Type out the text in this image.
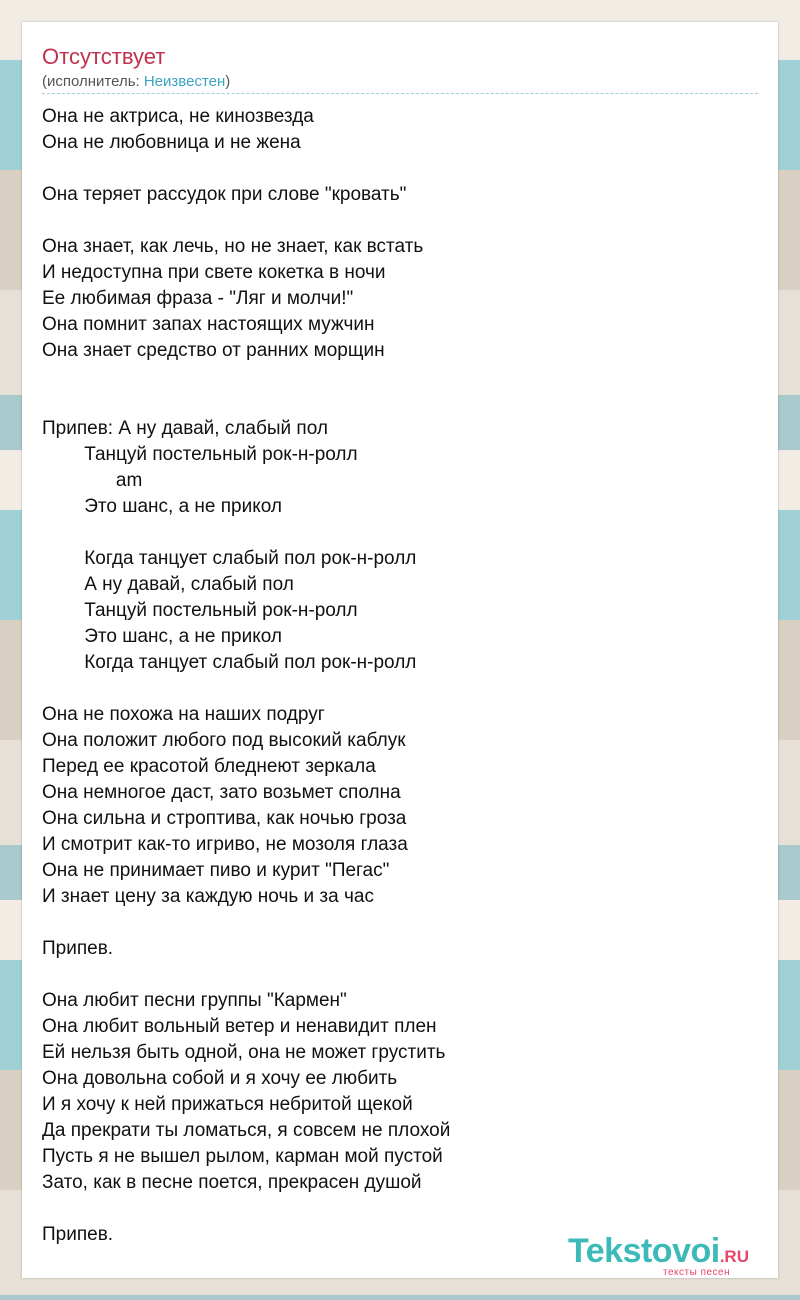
Отсутствует
(исполнитель: Неизвестен)
Она не актриса, не кинозвезда
Она не любовница и не жена
Она теряет рассудок при слове "кровать"
Она знает, как лечь, но не знает, как встать
И недоступна при свете кокетка в ночи
Ее любимая фраза - "Ляг и молчи!"
Она помнит запах настоящих мужчин
Она знает средство от ранних морщин
Припев: А ну давай, слабый пол
Танцуй постельный рок-н-ролл
am
Это шанс, а не прикол
Когда танцует слабый пол рок-н-ролл
А ну давай, слабый пол
Танцуй постельный рок-н-ролл
Это шанс, а не прикол
Когда танцует слабый пол рок-н-ролл
Она не похожа на наших подруг
Она положит любого под высокий каблук
Перед ее красотой бледнеют зеркала
Она немногое даст, зато возьмет сполна
Она сильна и строптива, как ночью гроза
И смотрит как-то игриво, не мозоля глаза
Она не принимает пиво и курит "Пегас"
И знает цену за каждую ночь и за час
Припев.
Она любит песни группы "Кармен"
Она любит вольный ветер и ненавидит плен
Ей нельзя быть одной, она не может грустить
Она довольна собой и я хочу ее любить
И я хочу к ней прижаться небритой щекой
Да прекрати ты ломаться, я совсем не плохой
Пусть я не вышел рылом, карман мой пустой
Зато, как в песне поется, прекрасен душой
Припев.	Tekstovoi.RU
тексты песен
